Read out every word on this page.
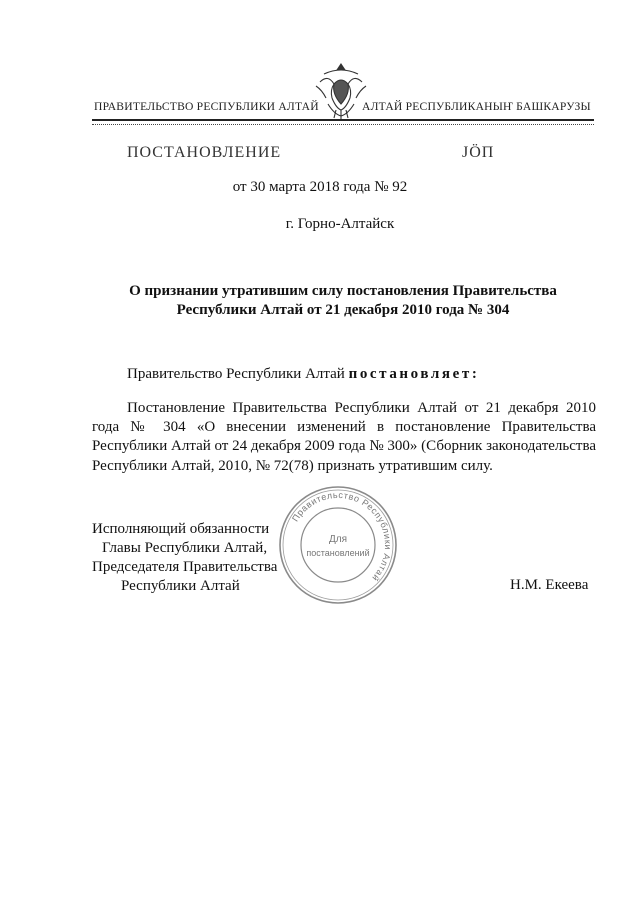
ПРАВИТЕЛЬСТВО РЕСПУБЛИКИ АЛТАЙ	АЛТАЙ РЕСПУБЛИКАНЫҤ БАШКАРУЗЫ
ПОСТАНОВЛЕНИЕ	ЈӦП
от 30 марта 2018 года № 92
г. Горно-Алтайск
О признании утратившим силу постановления Правительства
Республики Алтай от 21 декабря 2010 года № 304
Правительство Республики Алтай постановляет:
Постановление Правительства Республики Алтай от 21 декабря 2010 года № 304 «О внесении изменений в постановление Правительства Республики Алтай от 24 декабря 2009 года № 300» (Сборник законодательства Республики Алтай, 2010, № 72(78) признать утратившим силу.
Исполняющий обязанности
Главы Республики Алтай,
Председателя Правительства
Республики Алтай	Н.М. Екеева
Правительство Республики Алтай
Для
постановлений
